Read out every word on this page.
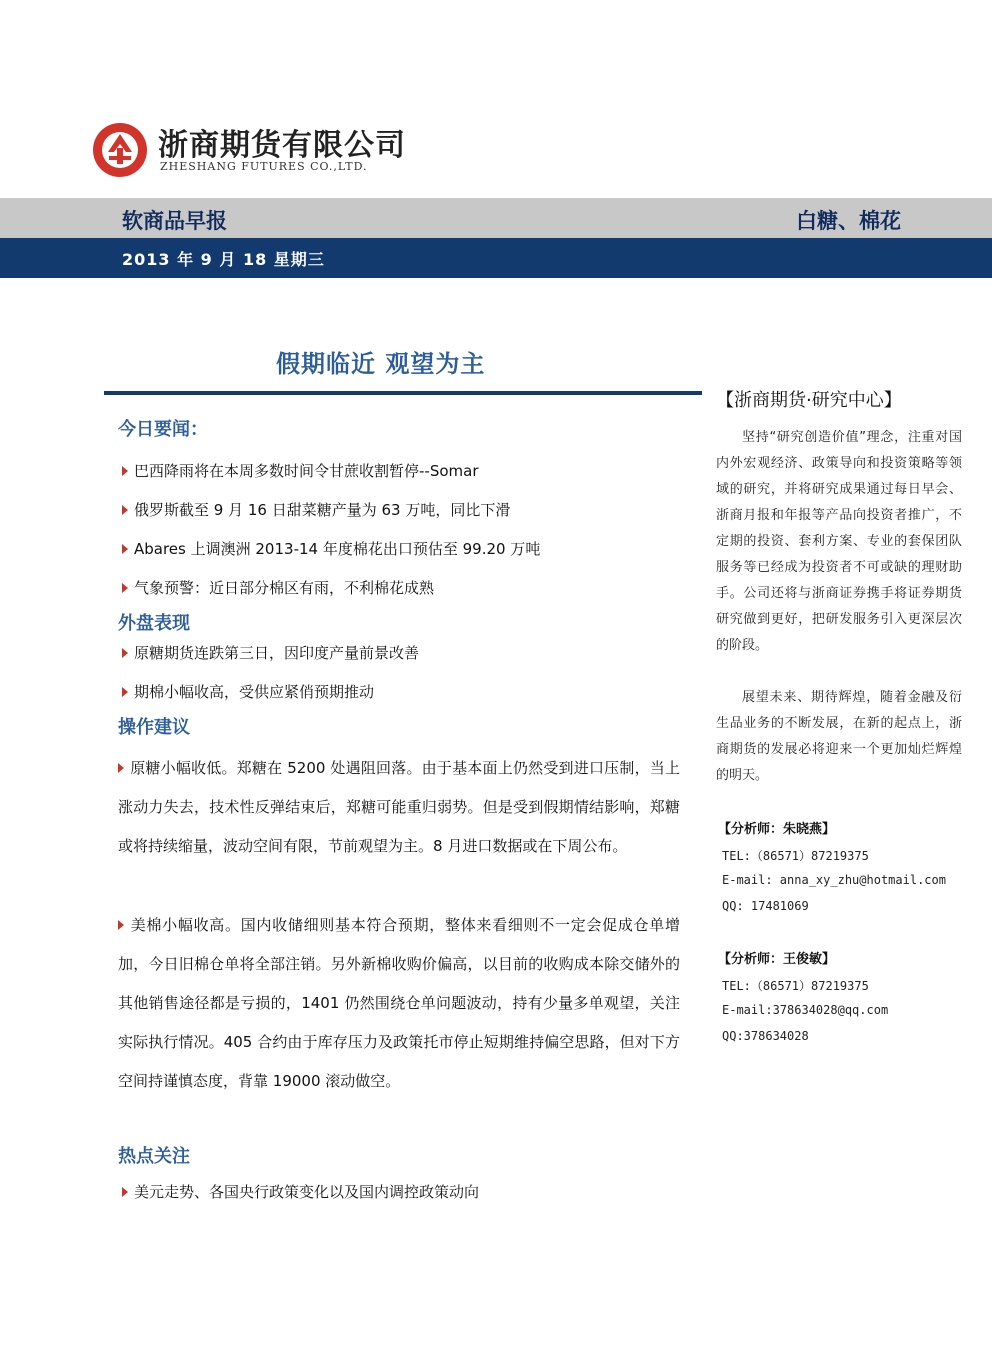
浙商期货有限公司
ZHESHANG FUTURES CO.,LTD.
软商品早报	白糖、棉花
2013 年 9 月 18 星期三
假期临近 观望为主
今日要闻：
巴西降雨将在本周多数时间令甘蔗收割暂停--Somar
俄罗斯截至 9 月 16 日甜菜糖产量为 63 万吨，同比下滑
Abares 上调澳洲 2013-14 年度棉花出口预估至 99.20 万吨
气象预警：近日部分棉区有雨，不利棉花成熟
外盘表现
原糖期货连跌第三日，因印度产量前景改善
期棉小幅收高，受供应紧俏预期推动
操作建议
原糖小幅收低。郑糖在 5200 处遇阻回落。由于基本面上仍然受到进口压制，当上涨动力失去，技术性反弹结束后，郑糖可能重归弱势。但是受到假期情结影响，郑糖或将持续缩量，波动空间有限，节前观望为主。8 月进口数据或在下周公布。
美棉小幅收高。国内收储细则基本符合预期，整体来看细则不一定会促成仓单增加，今日旧棉仓单将全部注销。另外新棉收购价偏高，以目前的收购成本除交储外的其他销售途径都是亏损的，1401 仍然围绕仓单问题波动，持有少量多单观望，关注实际执行情况。405 合约由于库存压力及政策托市停止短期维持偏空思路，但对下方空间持谨慎态度，背靠 19000 滚动做空。
热点关注
美元走势、各国央行政策变化以及国内调控政策动向
【浙商期货·研究中心】
坚持“研究创造价值”理念，注重对国内外宏观经济、政策导向和投资策略等领域的研究，并将研究成果通过每日早会、浙商月报和年报等产品向投资者推广，不定期的投资、套利方案、专业的套保团队服务等已经成为投资者不可或缺的理财助手。公司还将与浙商证券携手将证券期货研究做到更好，把研发服务引入更深层次的阶段。
展望未来、期待辉煌，随着金融及衍生品业务的不断发展，在新的起点上，浙商期货的发展必将迎来一个更加灿烂辉煌的明天。
【分析师：朱晓燕】
TEL:（86571）87219375
E-mail: anna_xy_zhu@hotmail.com
QQ: 17481069
【分析师：王俊敏】
TEL:（86571）87219375
E-mail:378634028@qq.com
QQ:378634028
